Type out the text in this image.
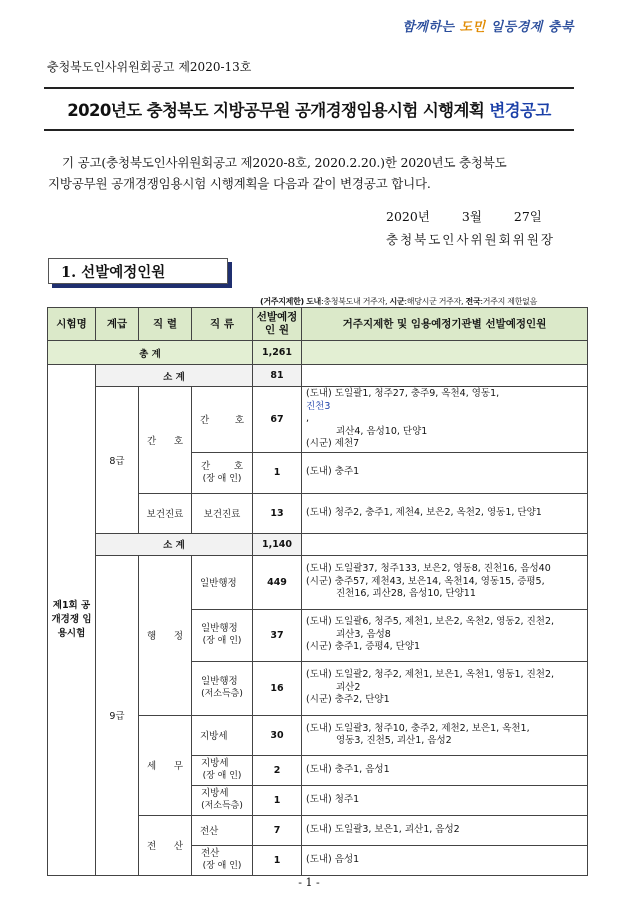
함께하는 도민 일등경제 충북
충청북도인사위원회공고 제2020-13호
2020년도 충청북도 지방공무원 공개경쟁임용시험 시행계획 변경공고
기 공고(충청북도인사위원회공고 제2020-8호, 2020.2.20.)한 2020년도 충청북도
지방공무원 공개경쟁임용시험 시행계획을 다음과 같이 변경공고 합니다.
2020년 3월 27일
충청북도인사위원회위원장
1. 선발예정인원
(거주지제한) 도내:충청북도내 거주자, 시군:해당시군 거주자, 전국:거주지 제한없음
시험명	계급	직 렬	직 류	선발예정 인 원	거주지제한 및 임용예정기관별 선발예정인원
총 계				1,261	
제1회 공개경쟁 임용시험	소 계			81	
	8급	간 호	간 호	67	(도내) 도일괄1, 청주27, 충주9, 옥천4, 영동1,
진천3
,
괴산4, 음성10, 단양1
(시군) 제천7

			간 호
(장 애 인)	1	(도내) 충주1

		보건진료	보건진료	13	(도내) 청주2, 충주1, 제천4, 보은2, 옥천2, 영동1, 단양1

	소 계			1,140	
	9급	행 정	일반행정	449	(도내) 도일괄37, 청주133, 보은2, 영동8, 진천16, 음성40
(시군) 충주57, 제천43, 보은14, 옥천14, 영동15, 증평5,
진천16, 괴산28, 음성10, 단양11

			일반행정
(장 애 인)	37	(도내) 도일괄6, 청주5, 제천1, 보은2, 옥천2, 영동2, 진천2,
괴산3, 음성8
(시군) 충주1, 증평4, 단양1

			일반행정
(저소득층)	16	(도내) 도일괄2, 청주2, 제천1, 보은1, 옥천1, 영동1, 진천2,
괴산2
(시군) 충주2, 단양1

		세 무	지방세	30	(도내) 도일괄3, 청주10, 충주2, 제천2, 보은1, 옥천1,
영동3, 진천5, 괴산1, 음성2

			지방세
(장 애 인)	2	(도내) 충주1, 음성1

			지방세
(저소득층)	1	(도내) 청주1

		전 산	전산	7	(도내) 도일괄3, 보은1, 괴산1, 음성2

			전산
(장 애 인)	1	(도내) 음성1
- 1 -
